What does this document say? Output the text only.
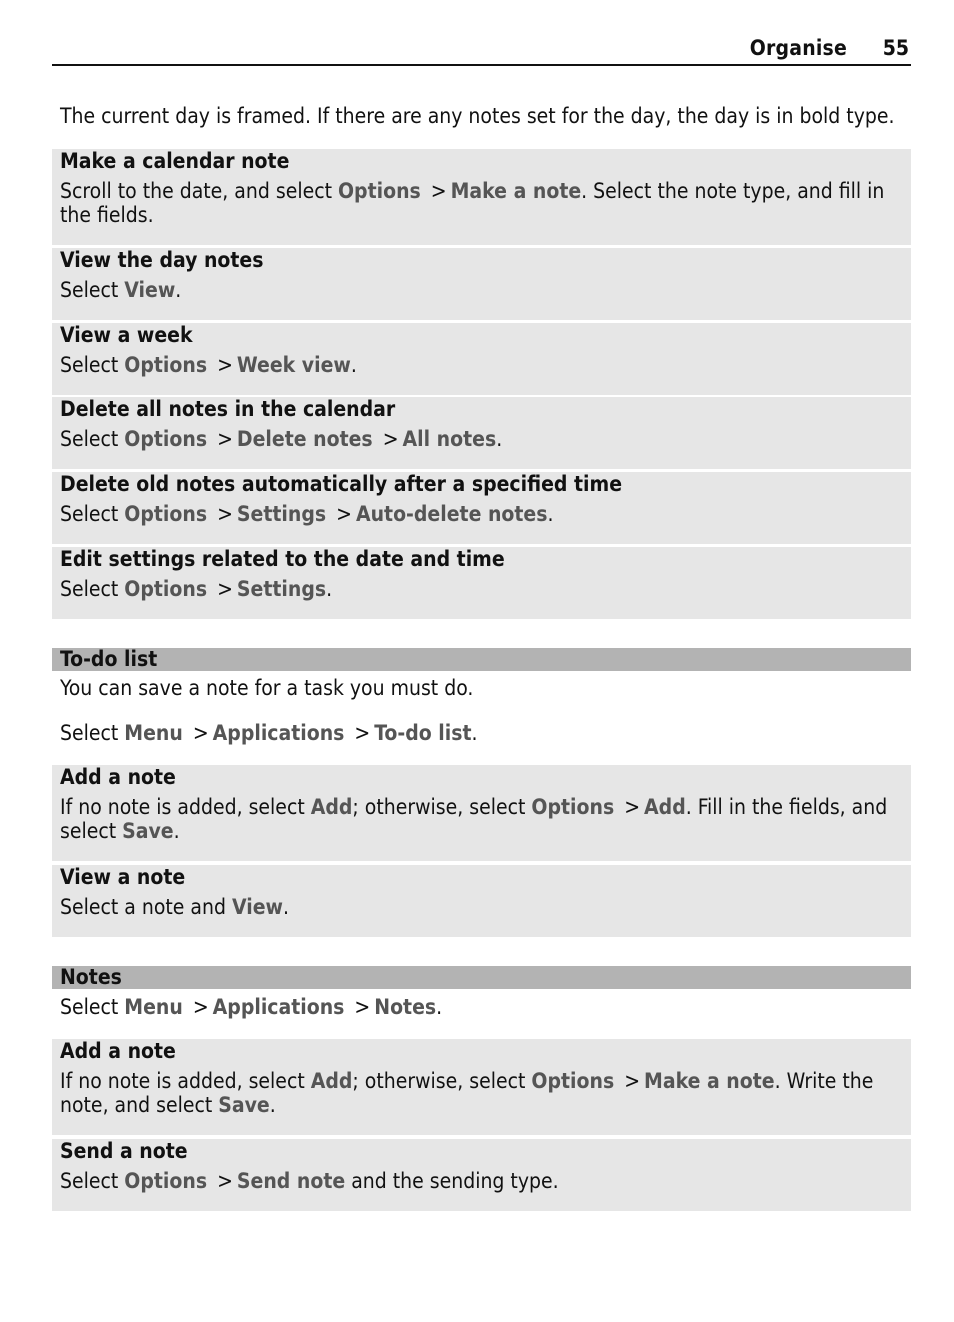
Organise 55
The current day is framed. If there are any notes set for the day, the day is in bold type.
Make a calendar note
Scroll to the date, and select Options > Make a note. Select the note type, and fill in
the fields.
View the day notes
Select View.
View a week
Select Options > Week view.
Delete all notes in the calendar
Select Options > Delete notes > All notes.
Delete old notes automatically after a specified time
Select Options > Settings > Auto-delete notes.
Edit settings related to the date and time
Select Options > Settings.
To-do list
You can save a note for a task you must do.
Select Menu > Applications > To-do list.
Add a note
If no note is added, select Add; otherwise, select Options > Add. Fill in the fields, and
select Save.
View a note
Select a note and View.
Notes
Select Menu > Applications > Notes.
Add a note
If no note is added, select Add; otherwise, select Options > Make a note. Write the
note, and select Save.
Send a note
Select Options > Send note and the sending type.
